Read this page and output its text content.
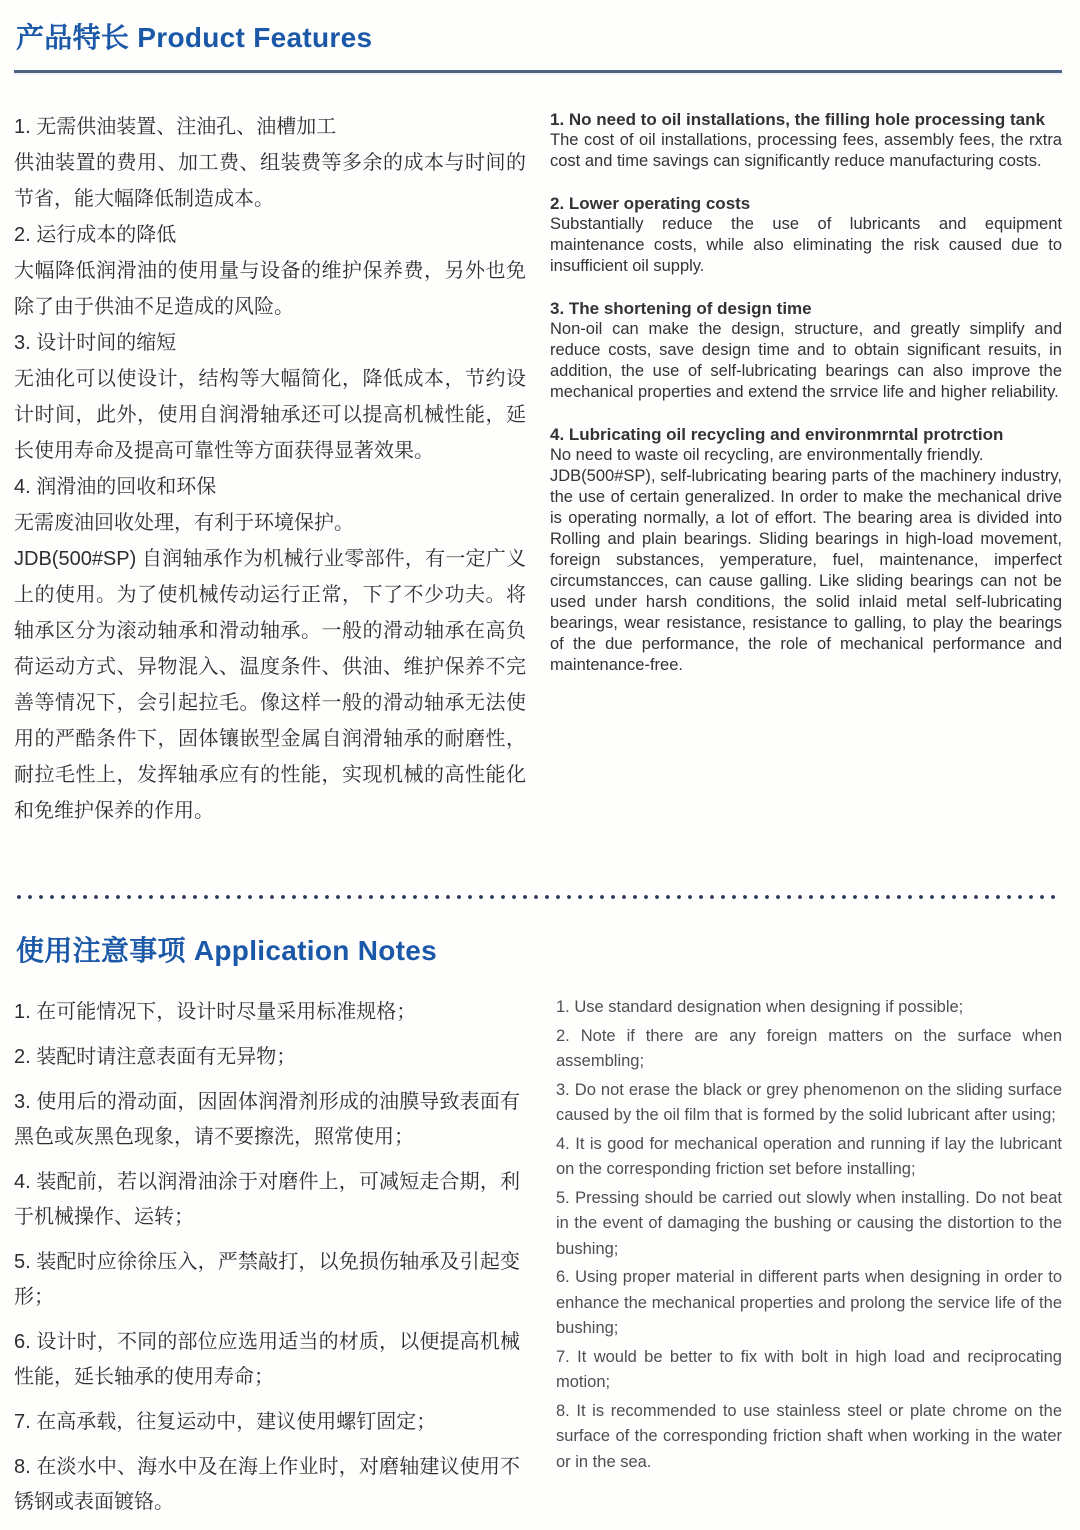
产品特长 Product Features
1. 无需供油装置、注油孔、油槽加工
供油装置的费用、加工费、组装费等多余的成本与时间的节省，能大幅降低制造成本。
2. 运行成本的降低
大幅降低润滑油的使用量与设备的维护保养费，另外也免除了由于供油不足造成的风险。
3. 设计时间的缩短
无油化可以使设计，结构等大幅简化，降低成本，节约设计时间，此外，使用自润滑轴承还可以提高机械性能，延长使用寿命及提高可靠性等方面获得显著效果。
4. 润滑油的回收和环保
无需废油回收处理，有利于环境保护。
JDB(500#SP) 自润轴承作为机械行业零部件，有一定广义上的使用。为了使机械传动运行正常，下了不少功夫。将轴承区分为滚动轴承和滑动轴承。一般的滑动轴承在高负荷运动方式、异物混入、温度条件、供油、维护保养不完善等情况下，会引起拉毛。像这样一般的滑动轴承无法使用的严酷条件下，固体镶嵌型金属自润滑轴承的耐磨性，耐拉毛性上，发挥轴承应有的性能，实现机械的高性能化和免维护保养的作用。
1. No need to oil installations, the filling hole processing tank
The cost of oil installations, processing fees, assembly fees, the rxtra cost and time savings can significantly reduce manufacturing costs.
2. Lower operating costs
Substantially reduce the use of lubricants and equipment maintenance costs, while also eliminating the risk caused due to insufficient oil supply.
3. The shortening of design time
Non-oil can make the design, structure, and greatly simplify and reduce costs, save design time and to obtain significant resuits, in addition, the use of self-lubricating bearings can also improve the mechanical properties and extend the srrvice life and higher reliability.
4. Lubricating oil recycling and environmrntal protrction
No need to waste oil recycling, are environmentally friendly.
JDB(500#SP), self-lubricating bearing parts of the machinery industry, the use of certain generalized. In order to make the mechanical drive is operating normally, a lot of effort. The bearing area is divided into Rolling and plain bearings. Sliding bearings in high-load movement, foreign substances, yemperature, fuel, maintenance, imperfect circumstancces, can cause galling. Like sliding bearings can not be used under harsh conditions, the solid inlaid metal self-lubricating bearings, wear resistance, resistance to galling, to play the bearings of the due performance, the role of mechanical performance and maintenance-free.
使用注意事项 Application Notes
1. 在可能情况下，设计时尽量采用标准规格；
2. 装配时请注意表面有无异物；
3. 使用后的滑动面，因固体润滑剂形成的油膜导致表面有黑色或灰黑色现象，请不要擦洗，照常使用；
4. 装配前，若以润滑油涂于对磨件上，可减短走合期，利于机械操作、运转；
5. 装配时应徐徐压入，严禁敲打，以免损伤轴承及引起变形；
6. 设计时，不同的部位应选用适当的材质，以便提高机械性能，延长轴承的使用寿命；
7. 在高承载，往复运动中，建议使用螺钉固定；
8. 在淡水中、海水中及在海上作业时，对磨轴建议使用不锈钢或表面镀铬。
1. Use standard designation when designing if possible;
2. Note if there are any foreign matters on the surface when assembling;
3. Do not erase the black or grey phenomenon on the sliding surface caused by the oil film that is formed by the solid lubricant after using;
4. It is good for mechanical operation and running if lay the lubricant on the corresponding friction set before installing;
5. Pressing should be carried out slowly when installing. Do not beat in the event of damaging the bushing or causing the distortion to the bushing;
6. Using proper material in different parts when designing in order to enhance the mechanical properties and prolong the service life of the bushing;
7. It would be better to fix with bolt in high load and reciprocating motion;
8. It is recommended to use stainless steel or plate chrome on the surface of the corresponding friction shaft when working in the water or in the sea.
